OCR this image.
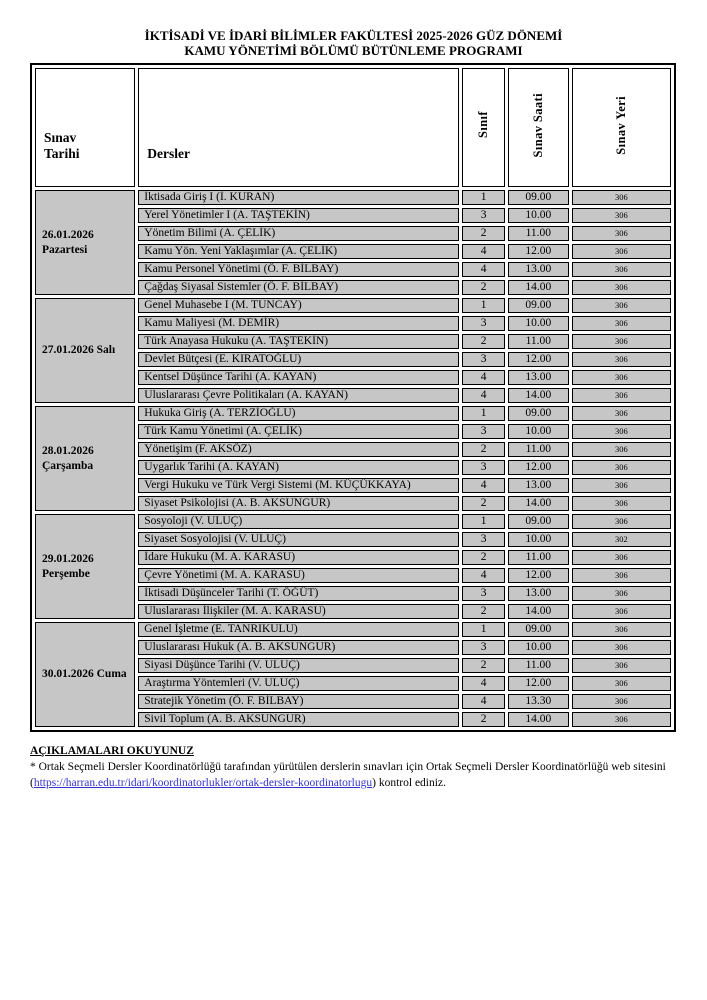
İKTİSADİ VE İDARİ BİLİMLER FAKÜLTESİ 2025-2026 GÜZ DÖNEMİ
KAMU YÖNETİMİ BÖLÜMÜ BÜTÜNLEME PROGRAMI
Sınav Tarihi	Dersler	Sınıf	Sınav Saati	Sınav Yeri

26.01.2026
Pazartesi	İktisada Giriş I (İ. KURAN)	1	09.00	306
	Yerel Yönetimler I (A. TAŞTEKİN)	3	10.00	306
	Yönetim Bilimi (A. ÇELİK)	2	11.00	306
	Kamu Yön. Yeni Yaklaşımlar (A. ÇELİK)	4	12.00	306
	Kamu Personel Yönetimi (Ö. F. BİLBAY)	4	13.00	306
	Çağdaş Siyasal Sistemler (Ö. F. BİLBAY)	2	14.00	306

27.01.2026 Salı	Genel Muhasebe I (M. TUNCAY)	1	09.00	306
	Kamu Maliyesi (M. DEMİR)	3	10.00	306
	Türk Anayasa Hukuku (A. TAŞTEKİN)	2	11.00	306
	Devlet Bütçesi (E. KIRATOĞLU)	3	12.00	306
	Kentsel Düşünce Tarihi (A. KAYAN)	4	13.00	306
	Uluslararası Çevre Politikaları (A. KAYAN)	4	14.00	306

28.01.2026
Çarşamba	Hukuka Giriş (A. TERZİOĞLU)	1	09.00	306
	Türk Kamu Yönetimi (A. ÇELİK)	3	10.00	306
	Yönetişim (F. AKSÖZ)	2	11.00	306
	Uygarlık Tarihi (A. KAYAN)	3	12.00	306
	Vergi Hukuku ve Türk Vergi Sistemi (M. KÜÇÜKKAYA)	4	13.00	306
	Siyaset Psikolojisi (A. B. AKSUNGUR)	2	14.00	306

29.01.2026
Perşembe	Sosyoloji (V. ULUÇ)	1	09.00	306
	Siyaset Sosyolojisi (V. ULUÇ)	3	10.00	302
	İdare Hukuku (M. A. KARASU)	2	11.00	306
	Çevre Yönetimi (M. A. KARASU)	4	12.00	306
	İktisadi Düşünceler Tarihi (T. ÖĞÜT)	3	13.00	306
	Uluslararası İlişkiler (M. A. KARASU)	2	14.00	306

30.01.2026 Cuma	Genel İşletme (E. TANRIKULU)	1	09.00	306
	Uluslararası Hukuk (A. B. AKSUNGUR)	3	10.00	306
	Siyasi Düşünce Tarihi (V. ULUÇ)	2	11.00	306
	Araştırma Yöntemleri (V. ULUÇ)	4	12.00	306
	Stratejik Yönetim (Ö. F. BİLBAY)	4	13.30	306
	Sivil Toplum (A. B. AKSUNGUR)	2	14.00	306

AÇIKLAMALARI OKUYUNUZ

* Ortak Seçmeli Dersler Koordinatörlüğü tarafından yürütülen derslerin sınavları için Ortak Seçmeli Dersler Koordinatörlüğü web sitesini (https://harran.edu.tr/idari/koordinatorlukler/ortak-dersler-koordinatorlugu) kontrol ediniz.
